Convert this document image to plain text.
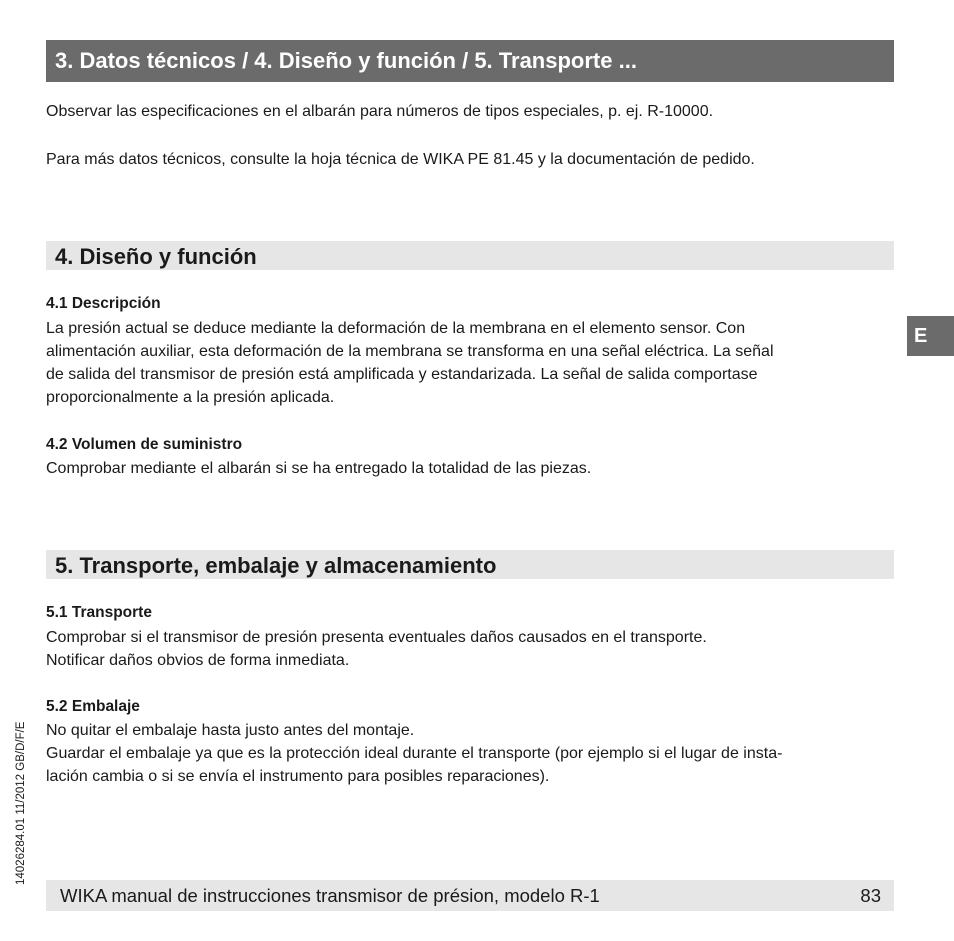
3. Datos técnicos / 4. Diseño y función / 5. Transporte ...

Observar las especificaciones en el albarán para números de tipos especiales, p. ej. R-10000.

Para más datos técnicos, consulte la hoja técnica de WIKA PE 81.45 y la documentación de pedido.

4. Diseño y función

4.1 Descripción

La presión actual se deduce mediante la deformación de la membrana en el elemento sensor. Con
alimentación auxiliar, esta deformación de la membrana se transforma en una señal eléctrica. La señal
de salida del transmisor de presión está amplificada y estandarizada. La señal de salida comportase
proporcionalmente a la presión aplicada.

4.2 Volumen de suministro

Comprobar mediante el albarán si se ha entregado la totalidad de las piezas.

5. Transporte, embalaje y almacenamiento

5.1 Transporte

Comprobar si el transmisor de presión presenta eventuales daños causados en el transporte.
Notificar daños obvios de forma inmediata.

5.2 Embalaje

No quitar el embalaje hasta justo antes del montaje.
Guardar el embalaje ya que es la protección ideal durante el transporte (por ejemplo si el lugar de insta-
lación cambia o si se envía el instrumento para posibles reparaciones).

E
14026284.01 11/2012 GB/D/F/E
WIKA manual de instrucciones transmisor de présion, modelo R-1	83
